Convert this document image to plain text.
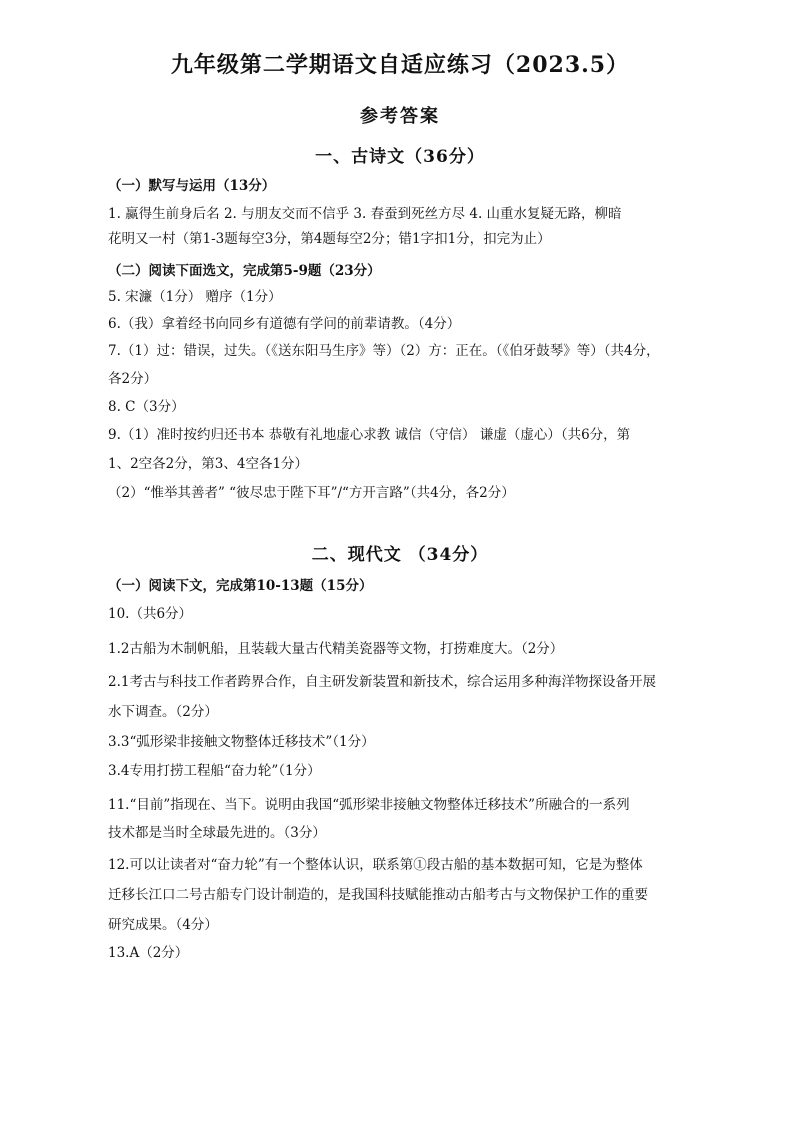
九年级第二学期语文自适应练习（2023.5）
参考答案
一、古诗文（36分）
（一）默写与运用（13分）
1. 赢得生前身后名 2. 与朋友交而不信乎 3. 春蚕到死丝方尽 4. 山重水复疑无路，柳暗
花明又一村（第1-3题每空3分，第4题每空2分；错1字扣1分，扣完为止）
（二）阅读下面选文，完成第5-9题（23分）
5. 宋濂（1分） 赠序（1分）
6.（我）拿着经书向同乡有道德有学问的前辈请教。（4分）
7.（1）过：错误，过失。（《送东阳马生序》等）（2）方：正在。（《伯牙鼓琴》等）（共4分，
各2分）
8. C（3分）
9.（1）准时按约归还书本 恭敬有礼地虚心求教 诚信（守信） 谦虚（虚心）（共6分，第
1、2空各2分，第3、4空各1分）
（2）“惟举其善者” “彼尽忠于陛下耳”/“方开言路”（共4分，各2分）
二、现代文 （34分）
（一）阅读下文，完成第10-13题（15分）
10.（共6分）
1.2古船为木制帆船，且装载大量古代精美瓷器等文物，打捞难度大。（2分）
2.1考古与科技工作者跨界合作，自主研发新装置和新技术，综合运用多种海洋物探设备开展
水下调查。（2分）
3.3“弧形梁非接触文物整体迁移技术”（1分）
3.4专用打捞工程船“奋力轮”（1分）
11.“目前”指现在、当下。说明由我国“弧形梁非接触文物整体迁移技术”所融合的一系列
技术都是当时全球最先进的。（3分）
12.可以让读者对“奋力轮”有一个整体认识，联系第①段古船的基本数据可知，它是为整体
迁移长江口二号古船专门设计制造的，是我国科技赋能推动古船考古与文物保护工作的重要
研究成果。（4分）
13.A（2分）
